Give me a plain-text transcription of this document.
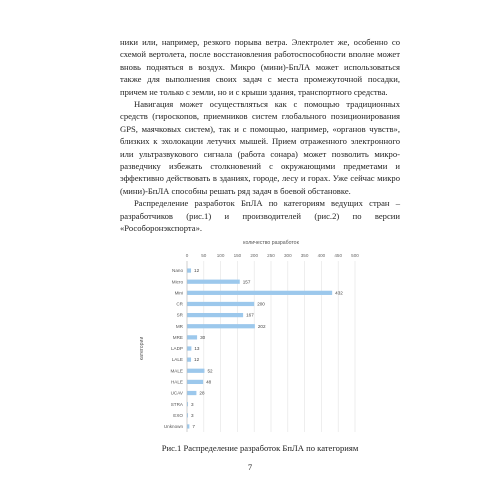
ники или, например, резкого порыва ветра. Электролет же, особенно со схемой вертолета, после восстановления работоспособности вполне может вновь подняться в воздух. Микро (мини)-БпЛА может использоваться также для выполнения своих задач с места промежуточной посадки, причем не только с земли, но и с крыши здания, транспортного средства.

Навигация может осуществляться как с помощью традиционных средств (гироскопов, приемников систем глобального позиционирования GPS, маячковых систем), так и с помощью, например, «органов чувств», близких к эхолокации летучих мышей. Прием отраженного электронного или ультразвукового сигнала (работа сонара) может позволить микро-разведчику избежать столкновений с окружающими предметами и эффективно действовать в зданиях, городе, лесу и горах. Уже сейчас микро (мини)-БпЛА способны решать ряд задач в боевой обстановке.

Распределение разработок БпЛА по категориям ведущих стран – разработчиков (рис.1) и производителей (рис.2) по версии «Рособоронэкспорта».

количество разработок
0	50 100 150 200 250 300 350 400 450 500
категории
Nano 12
Micro	157
Mini	432
CR	200
SR	167
MR	202
MRE	30
LADP 13
LALE 12
MALE	52
HALE	48
UCAV	28
STRA 3
EXO 3
Unknown 7
Рис.1 Распределение разработок БпЛА по категориям
7
